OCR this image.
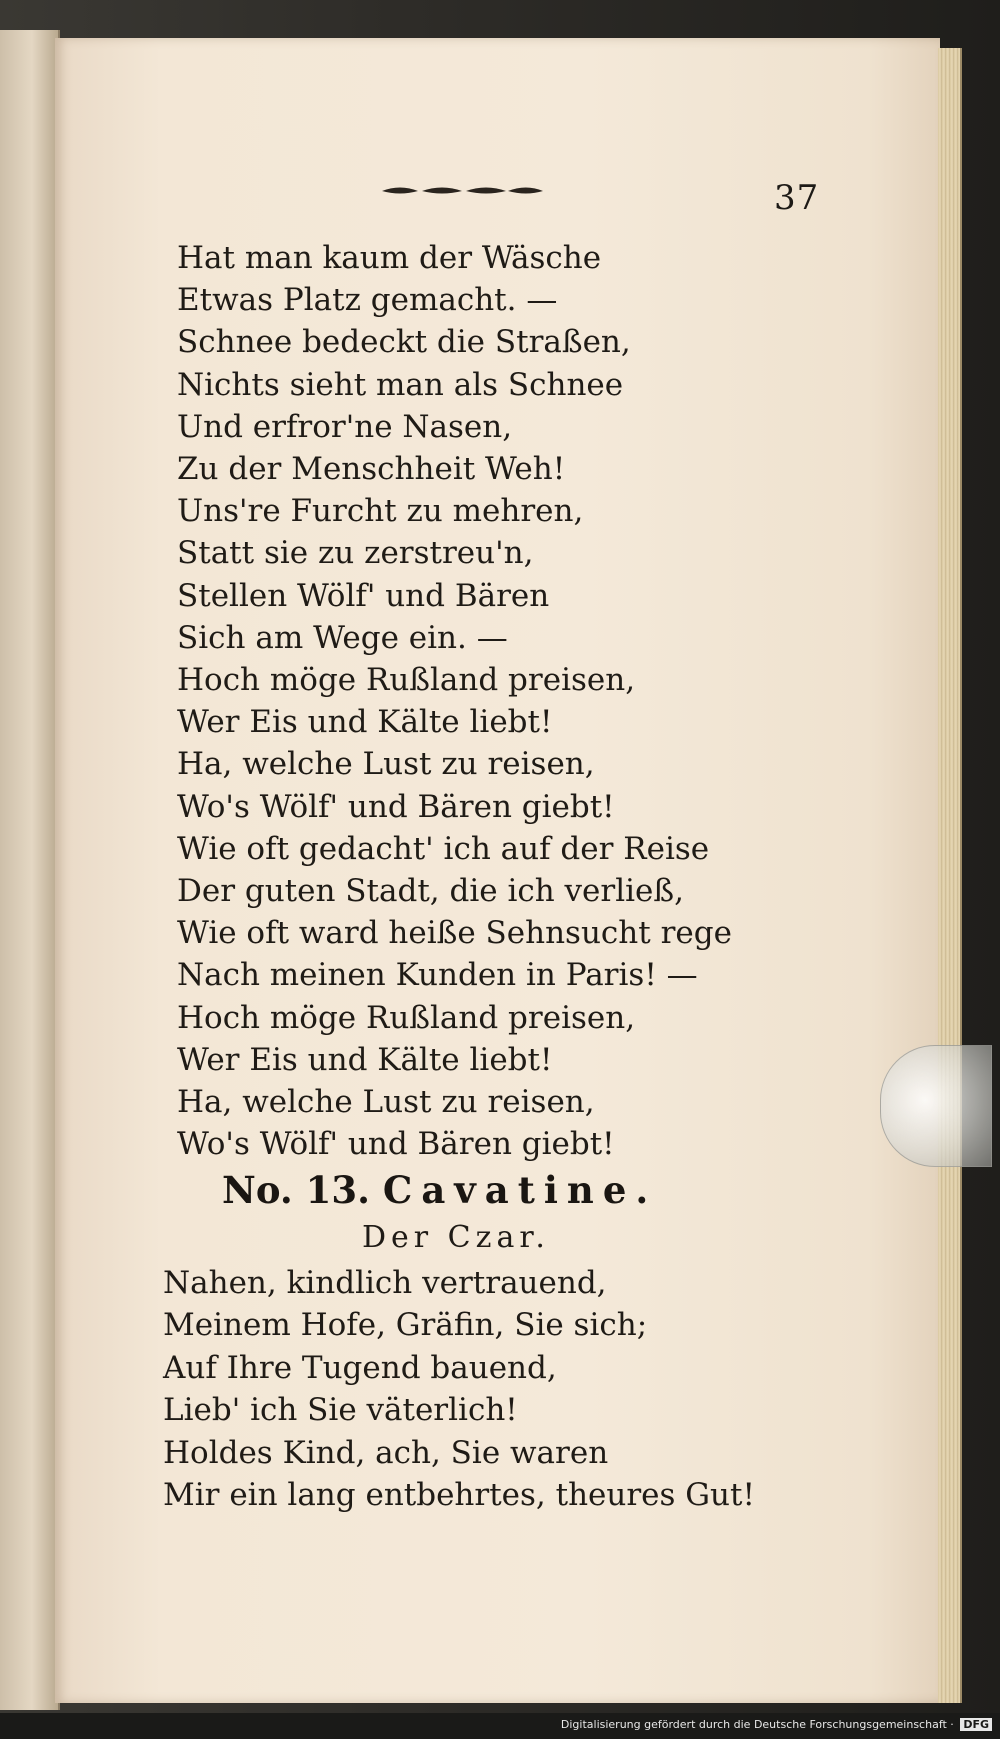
37
Hat man kaum der Wäsche
Etwas Platz gemacht. —
Schnee bedeckt die Straßen,
Nichts sieht man als Schnee
Und erfror'ne Nasen,
Zu der Menschheit Weh!
Uns're Furcht zu mehren,
Statt sie zu zerstreu'n,
Stellen Wölf' und Bären
Sich am Wege ein. —
Hoch möge Rußland preisen,
Wer Eis und Kälte liebt!
Ha, welche Lust zu reisen,
Wo's Wölf' und Bären giebt!
Wie oft gedacht' ich auf der Reise
Der guten Stadt, die ich verließ,
Wie oft ward heiße Sehnsucht rege
Nach meinen Kunden in Paris! —
Hoch möge Rußland preisen,
Wer Eis und Kälte liebt!
Ha, welche Lust zu reisen,
Wo's Wölf' und Bären giebt!
No. 13. Cavatine.
Der Czar.
Nahen, kindlich vertrauend,
Meinem Hofe, Gräfin, Sie sich;
Auf Ihre Tugend bauend,
Lieb' ich Sie väterlich!
Holdes Kind, ach, Sie waren
Mir ein lang entbehrtes, theures Gut!
Digitalisierung gefördert durch die Deutsche Forschungsgemeinschaft · DFG
